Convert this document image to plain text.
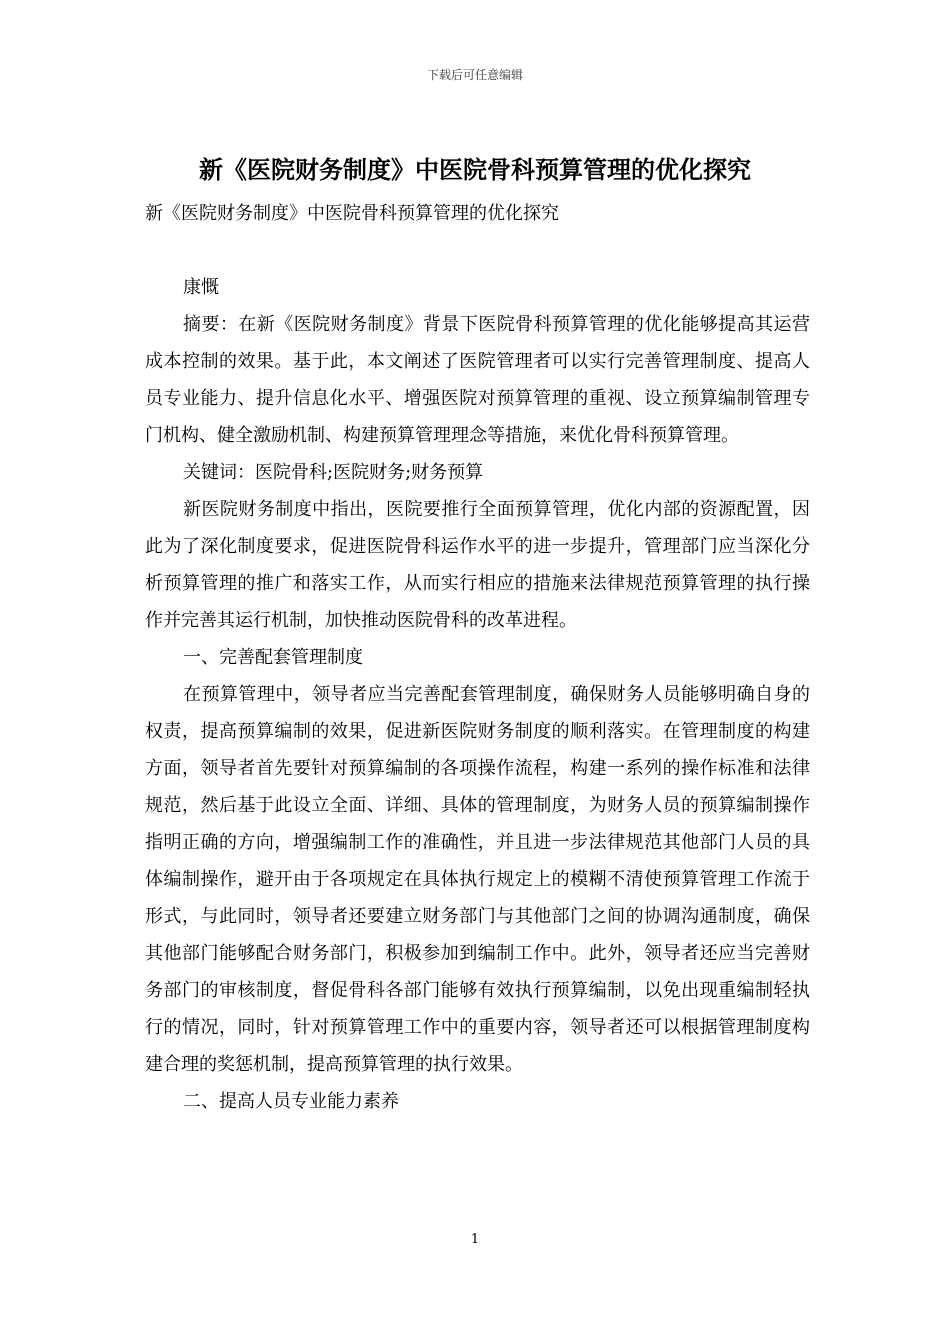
下载后可任意编辑
新《医院财务制度》中医院骨科预算管理的优化探究

新《医院财务制度》中医院骨科预算管理的优化探究

康慨

摘要：在新《医院财务制度》背景下医院骨科预算管理的优化能够提高其运营成本控制的效果。基于此，本文阐述了医院管理者可以实行完善管理制度、提高人员专业能力、提升信息化水平、增强医院对预算管理的重视、设立预算编制管理专门机构、健全激励机制、构建预算管理理念等措施，来优化骨科预算管理。

关键词：医院骨科;医院财务;财务预算

新医院财务制度中指出，医院要推行全面预算管理，优化内部的资源配置，因此为了深化制度要求，促进医院骨科运作水平的进一步提升，管理部门应当深化分析预算管理的推广和落实工作，从而实行相应的措施来法律规范预算管理的执行操作并完善其运行机制，加快推动医院骨科的改革进程。

一、完善配套管理制度

在预算管理中，领导者应当完善配套管理制度，确保财务人员能够明确自身的权责，提高预算编制的效果，促进新医院财务制度的顺利落实。在管理制度的构建方面，领导者首先要针对预算编制的各项操作流程，构建一系列的操作标准和法律规范，然后基于此设立全面、详细、具体的管理制度，为财务人员的预算编制操作指明正确的方向，增强编制工作的准确性，并且进一步法律规范其他部门人员的具体编制操作，避开由于各项规定在具体执行规定上的模糊不清使预算管理工作流于形式，与此同时，领导者还要建立财务部门与其他部门之间的协调沟通制度，确保其他部门能够配合财务部门，积极参加到编制工作中。此外，领导者还应当完善财务部门的审核制度，督促骨科各部门能够有效执行预算编制，以免出现重编制轻执行的情况，同时，针对预算管理工作中的重要内容，领导者还可以根据管理制度构建合理的奖惩机制，提高预算管理的执行效果。

二、提高人员专业能力素养

1
